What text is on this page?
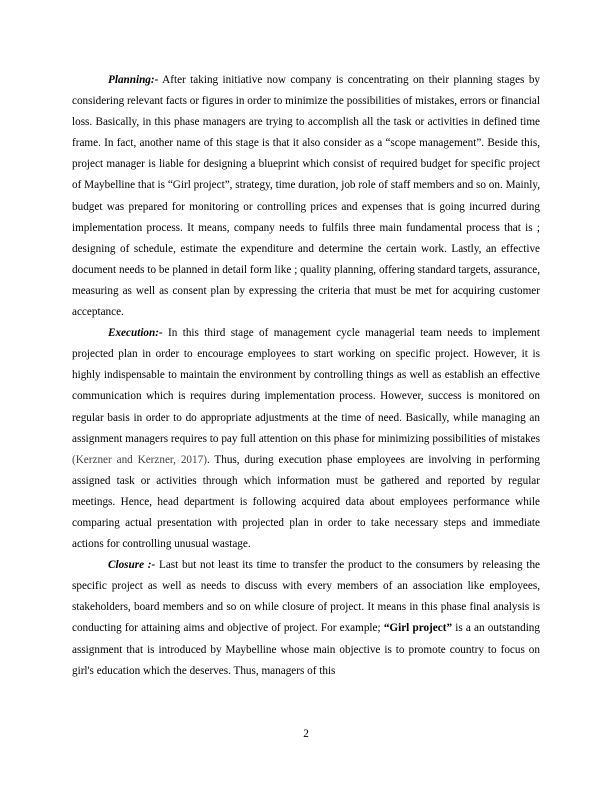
Planning:- After taking initiative now company is concentrating on their planning stages by considering relevant facts or figures in order to minimize the possibilities of mistakes, errors or financial loss. Basically, in this phase managers are trying to accomplish all the task or activities in defined time frame. In fact, another name of this stage is that it also consider as a “scope management”. Beside this, project manager is liable for designing a blueprint which consist of required budget for specific project of Maybelline that is “Girl project”, strategy, time duration, job role of staff members and so on. Mainly, budget was prepared for monitoring or controlling prices and expenses that is going incurred during implementation process. It means, company needs to fulfils three main fundamental process that is ; designing of schedule, estimate the expenditure and determine the certain work. Lastly, an effective document needs to be planned in detail form like ; quality planning, offering standard targets, assurance, measuring as well as consent plan by expressing the criteria that must be met for acquiring customer acceptance.

Execution:- In this third stage of management cycle managerial team needs to implement projected plan in order to encourage employees to start working on specific project. However, it is highly indispensable to maintain the environment by controlling things as well as establish an effective communication which is requires during implementation process. However, success is monitored on regular basis in order to do appropriate adjustments at the time of need. Basically, while managing an assignment managers requires to pay full attention on this phase for minimizing possibilities of mistakes (Kerzner and Kerzner, 2017). Thus, during execution phase employees are involving in performing assigned task or activities through which information must be gathered and reported by regular meetings. Hence, head department is following acquired data about employees performance while comparing actual presentation with projected plan in order to take necessary steps and immediate actions for controlling unusual wastage.

Closure :- Last but not least its time to transfer the product to the consumers by releasing the specific project as well as needs to discuss with every members of an association like employees, stakeholders, board members and so on while closure of project. It means in this phase final analysis is conducting for attaining aims and objective of project. For example; “Girl project” is a an outstanding assignment that is introduced by Maybelline whose main objective is to promote country to focus on girl's education which the deserves. Thus, managers of this

2
